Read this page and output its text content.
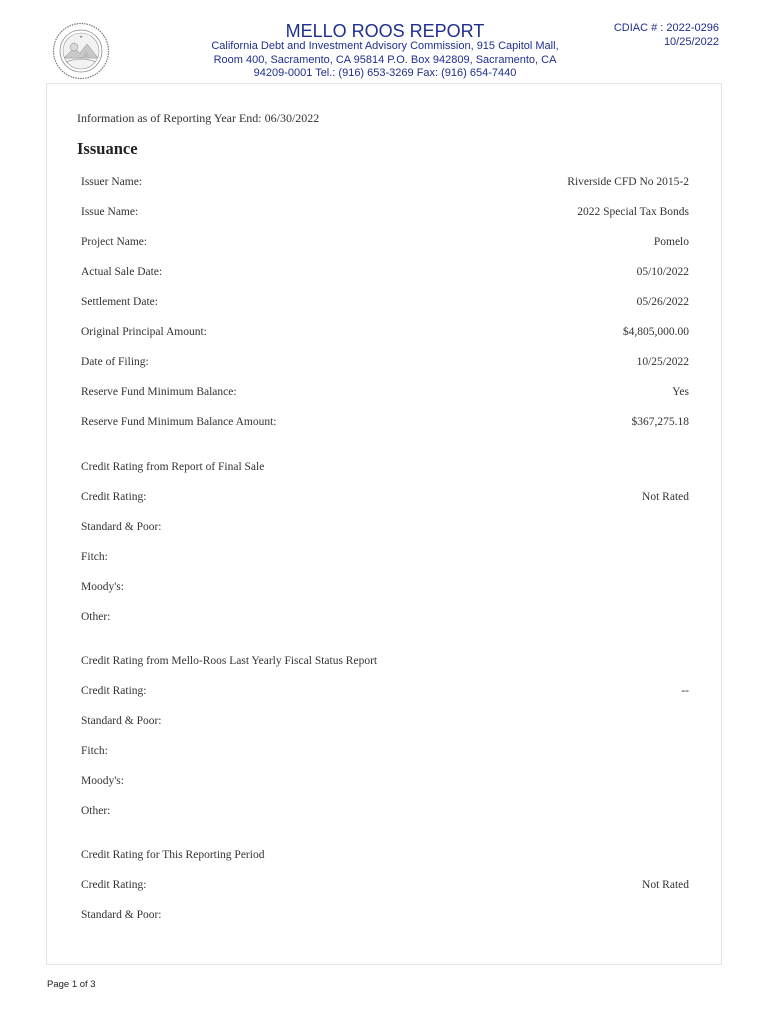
★	MELLO ROOS REPORT
California Debt and Investment Advisory Commission, 915 Capitol Mall,
Room 400, Sacramento, CA 95814 P.O. Box 942809, Sacramento, CA
94209-0001 Tel.: (916) 653-3269 Fax: (916) 654-7440
CDIAC # : 2022-0296
10/25/2022
Information as of Reporting Year End: 06/30/2022
Issuance
Issuer Name:	Riverside CFD No 2015-2
Issue Name:	2022 Special Tax Bonds
Project Name:	Pomelo
Actual Sale Date:	05/10/2022
Settlement Date:	05/26/2022
Original Principal Amount:	$4,805,000.00
Date of Filing:	10/25/2022
Reserve Fund Minimum Balance:	Yes
Reserve Fund Minimum Balance Amount:	$367,275.18
Credit Rating from Report of Final Sale
Credit Rating:	Not Rated
Standard & Poor:
Fitch:
Moody's:
Other:
Credit Rating from Mello-Roos Last Yearly Fiscal Status Report
Credit Rating:	--
Standard & Poor:
Fitch:
Moody's:
Other:
Credit Rating for This Reporting Period
Credit Rating:	Not Rated
Standard & Poor:
Page 1 of 3
